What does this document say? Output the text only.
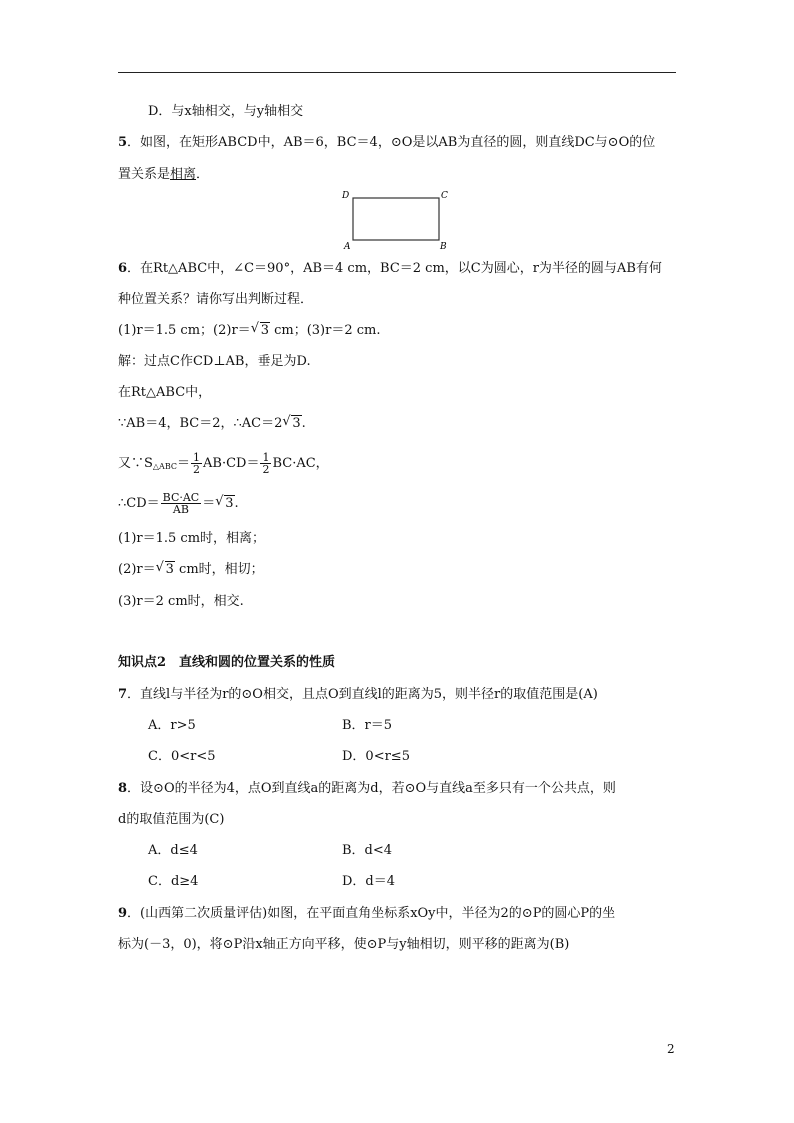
D．与x轴相交，与y轴相交
5．如图，在矩形ABCD中，AB＝6，BC＝4，⊙O是以AB为直径的圆，则直线DC与⊙O的位
置关系是相离．
D	C
A	B
6．在Rt△ABC中，∠C＝90°，AB＝4 cm，BC＝2 cm，以C为圆心，r为半径的圆与AB有何
种位置关系？请你写出判断过程．
(1)r＝1.5 cm；(2)r＝ √ 3 cm；(3)r＝2 cm.
解：过点C作CD⊥AB，垂足为D.
在Rt△ABC中，
∵AB＝4，BC＝2，∴AC＝2 √ 3.
又$\because S_{\triangle ABC}= \frac{1}{2} AB\cdot CD= \frac{1}{2} BC\cdot AC$，
∴CD＝ $\frac{BC\cdot AC}{AB}$ ＝ √ 3.
(1)r＝1.5 cm时，相离；
(2)r＝ √ 3 cm时，相切；
(3)r＝2 cm时，相交.
知识点2　直线和圆的位置关系的性质
7．直线l与半径为r的⊙O相交，且点O到直线l的距离为5，则半径r的取值范围是(A)
A．r>5	B．r＝5
C．0<r<5	D．0<r≤5
8．设⊙O的半径为4，点O到直线a的距离为d，若⊙O与直线a至多只有一个公共点，则
d的取值范围为(C)
A．d≤4	B．d<4
C．d≥4	D．d＝4
9．(山西第二次质量评估)如图，在平面直角坐标系xOy中，半径为2的⊙P的圆心P的坐
标为(－3，0)，将⊙P沿x轴正方向平移，使⊙P与y轴相切，则平移的距离为(B)
2
